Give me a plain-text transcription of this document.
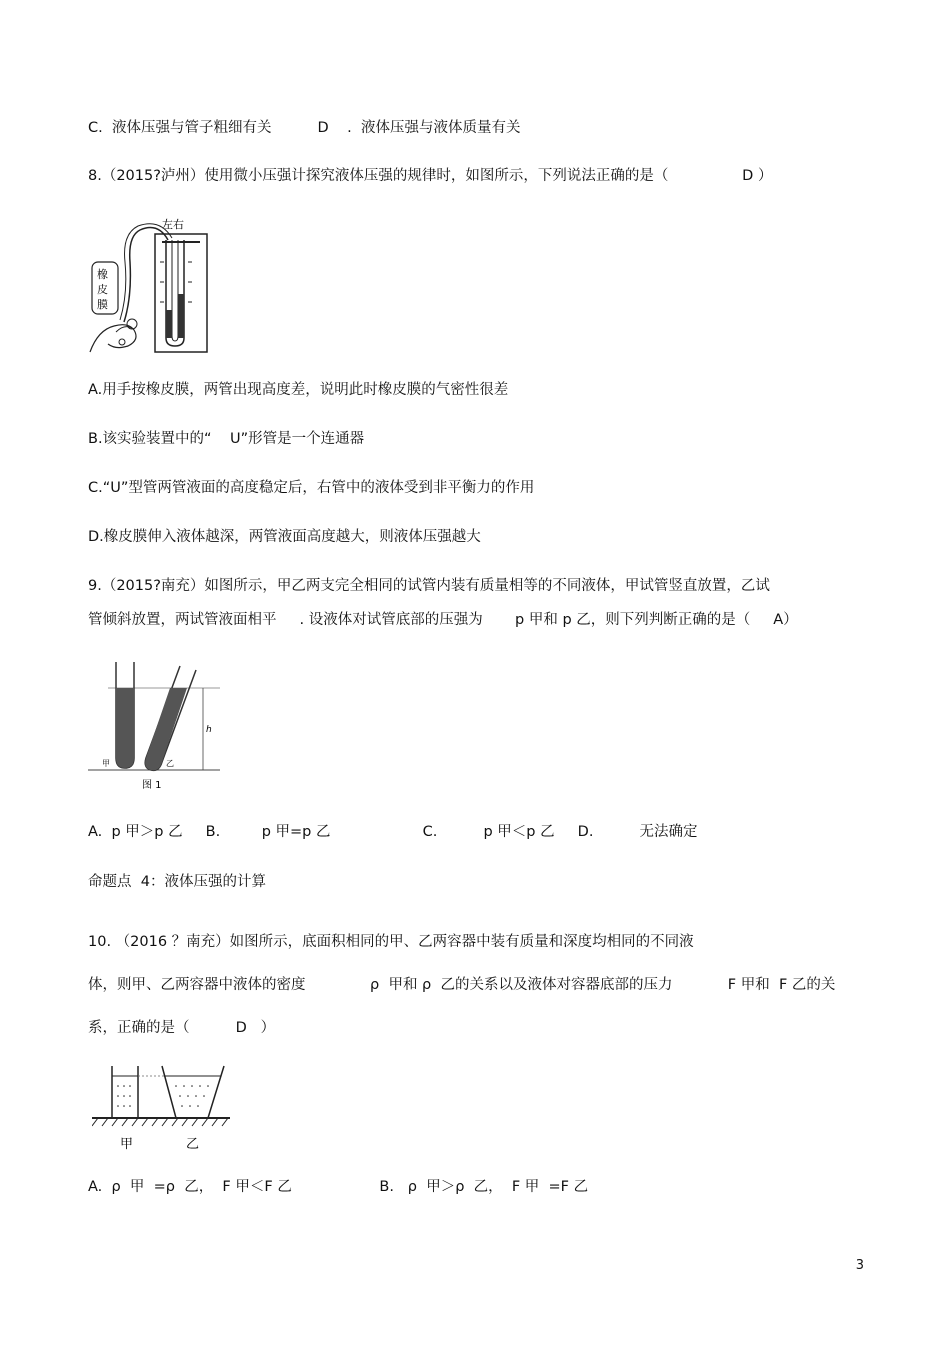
C.  液体压强与管子粗细有关          D    .  液体压强与液体质量有关
8.（2015?泸州）使用微小压强计探究液体压强的规律时，如图所示，下列说法正确的是（                D ）
左右
橡
皮
膜
A.用手按橡皮膜，两管出现高度差，说明此时橡皮膜的气密性很差
B.该实验装置中的“    U”形管是一个连通器
C.“U”型管两管液面的高度稳定后，右管中的液体受到非平衡力的作用
D.橡皮膜伸入液体越深，两管液面高度越大，则液体压强越大
9.（2015?南充）如图所示，甲乙两支完全相同的试管内装有质量相等的不同液体，甲试管竖直放置，乙试
管倾斜放置，两试管液面相平     . 设液体对试管底部的压强为       p 甲和 p 乙，则下列判断正确的是（     A）
h
甲	乙
图 1
A.  p 甲＞p 乙     B.         p 甲=p 乙                    C.          p 甲＜p 乙     D.          无法确定
命题点  4：液体压强的计算
10. （2016 ？南充）如图所示，底面积相同的甲、乙两容器中装有质量和深度均相同的不同液
体，则甲、乙两容器中液体的密度              ρ  甲和 ρ  乙的关系以及液体对容器底部的压力            F 甲和  F 乙的关
系，正确的是（          D   ）
甲	乙
A.  ρ  甲  =ρ  乙，  F 甲＜F 乙                   B.   ρ  甲＞ρ  乙，  F 甲  =F 乙
3
